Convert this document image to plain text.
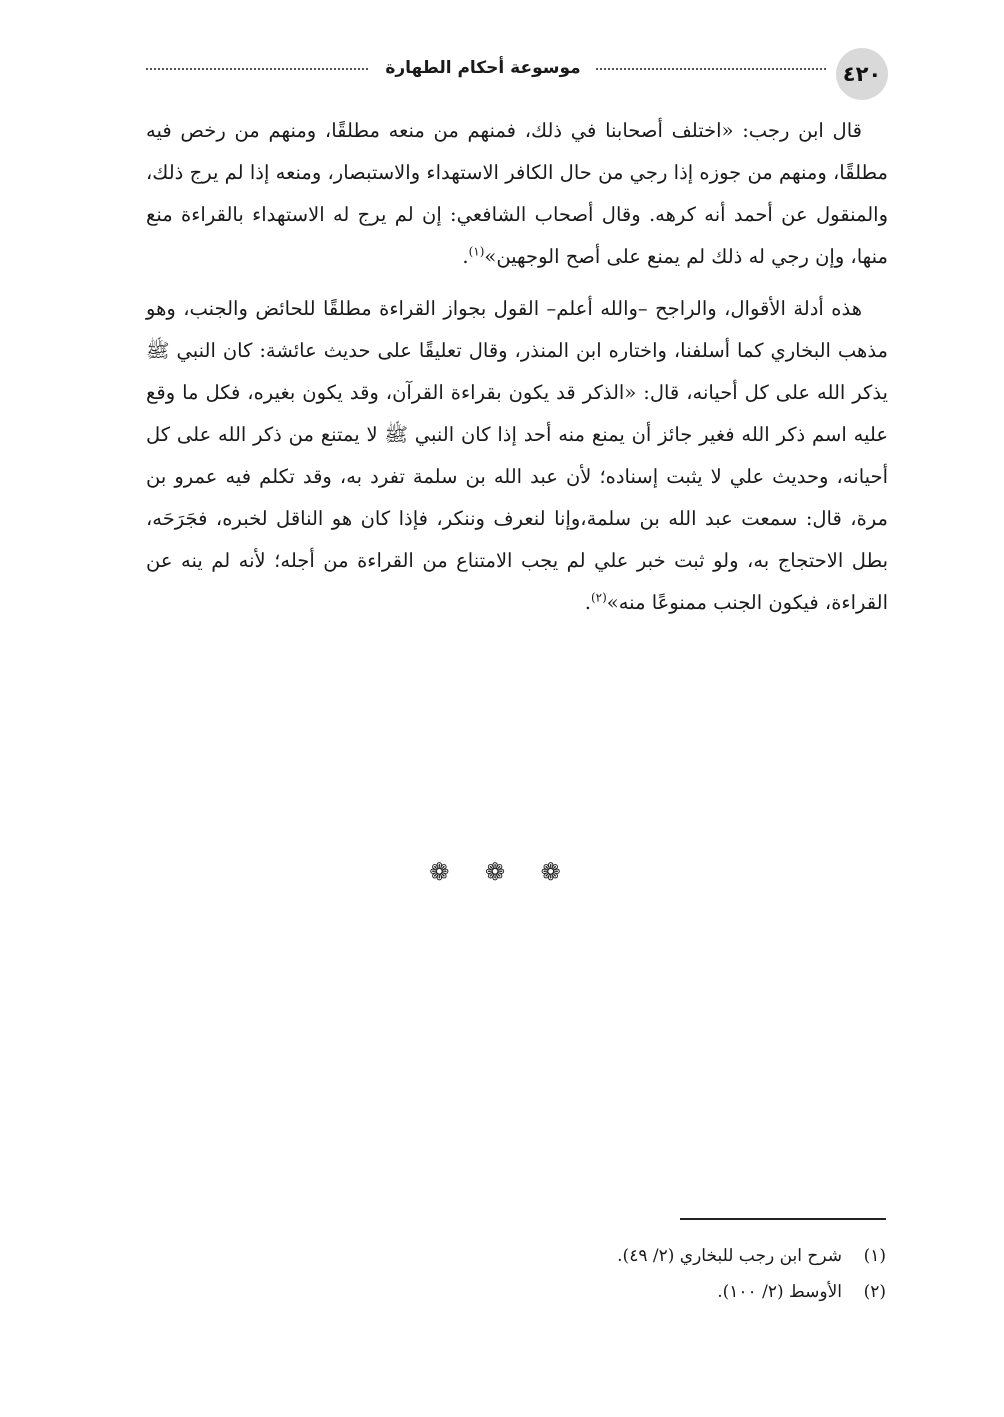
٤٢٠
موسوعة أحكام الطهارة

قال ابن رجب: «اختلف أصحابنا في ذلك، فمنهم من منعه مطلقًا، ومنهم من رخص فيه مطلقًا، ومنهم من جوزه إذا رجي من حال الكافر الاستهداء والاستبصار، ومنعه إذا لم يرج ذلك، والمنقول عن أحمد أنه كرهه. وقال أصحاب الشافعي: إن لم يرج له الاستهداء بالقراءة منع منها، وإن رجي له ذلك لم يمنع على أصح الوجهين»$^{(١)}$.

هذه أدلة الأقوال، والراجح –والله أعلم– القول بجواز القراءة مطلقًا للحائض والجنب، وهو مذهب البخاري كما أسلفنا، واختاره ابن المنذر، وقال تعليقًا على حديث عائشة: كان النبي ﷺ يذكر الله على كل أحيانه، قال: «الذكر قد يكون بقراءة القرآن، وقد يكون بغيره، فكل ما وقع عليه اسم ذكر الله فغير جائز أن يمنع منه أحد إذا كان النبي ﷺ لا يمتنع من ذكر الله على كل أحيانه، وحديث علي لا يثبت إسناده؛ لأن عبد الله بن سلمة تفرد به، وقد تكلم فيه عمرو بن مرة، قال: سمعت عبد الله بن سلمة،وإنا لنعرف وننكر، فإذا كان هو الناقل لخبره، فجَرَحَه، بطل الاحتجاج به، ولو ثبت خبر علي لم يجب الامتناع من القراءة من أجله؛ لأنه لم ينه عن القراءة، فيكون الجنب ممنوعًا منه»$^{(٢)}$.

❁ ❁ ❁
(١)شرح ابن رجب للبخاري (٢/ ٤٩).
(٢)الأوسط (٢/ ١٠٠).
